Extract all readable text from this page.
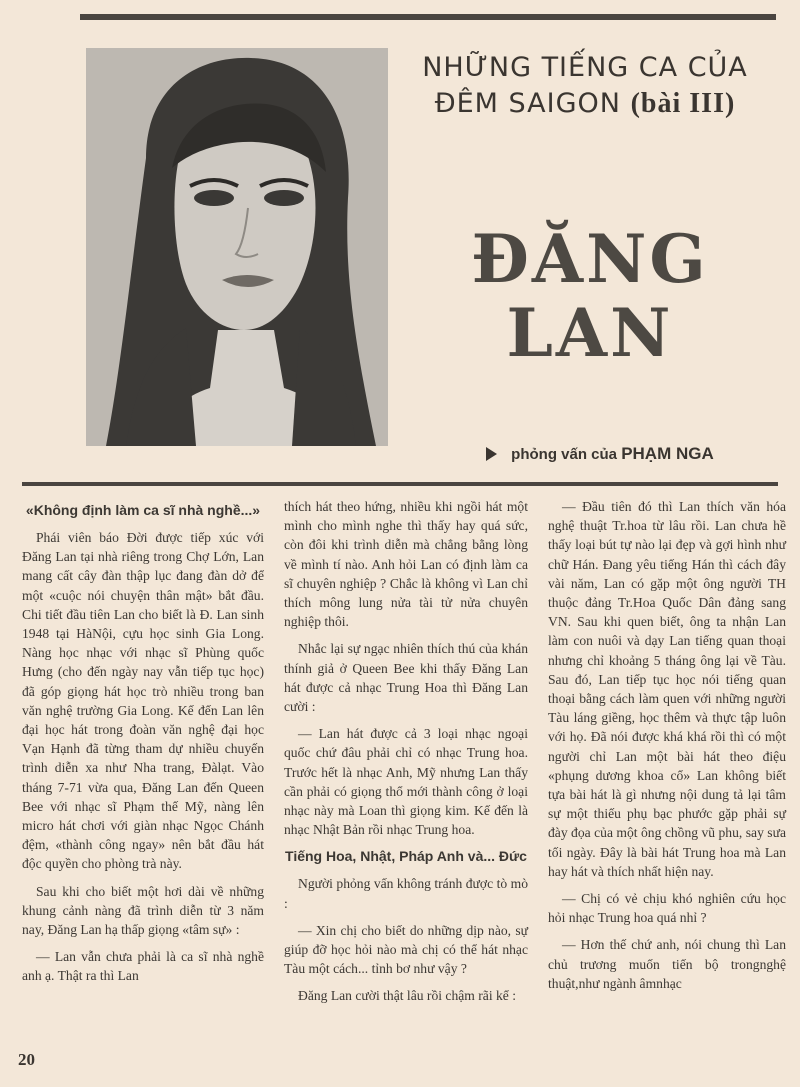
NHỮNG TIẾNG CA CỦA
ĐÊM SAIGON (bài III)
ĐĂNG
LAN
phỏng vấn của PHẠM NGA
«Không định làm ca sĩ nhà nghề...»

Phái viên báo Đời được tiếp xúc với Đăng Lan tại nhà riêng trong Chợ Lớn, Lan mang cất cây đàn thập lục đang đàn dở để một «cuộc nói chuyện thân mật» bắt đầu. Chi tiết đầu tiên Lan cho biết là Đ. Lan sinh 1948 tại HàNội, cựu học sinh Gia Long. Nàng học nhạc với nhạc sĩ Phùng quốc Hưng (cho đến ngày nay vẫn tiếp tục học) đã góp giọng hát học trò nhiều trong ban văn nghệ trường Gia Long. Kế đến Lan lên đại học hát trong đoàn văn nghệ đại học Vạn Hạnh đã từng tham dự nhiều chuyến trình diễn xa như Nha trang, Đàlạt. Vào tháng 7-71 vừa qua, Đăng Lan đến Queen Bee với nhạc sĩ Phạm thế Mỹ, nàng lên micro hát chơi với giàn nhạc Ngọc Chánh đệm, «thành công ngay» nên bắt đầu hát độc quyền cho phòng trà này.

Sau khi cho biết một hơi dài về những khung cảnh nàng đã trình diễn từ 3 năm nay, Đăng Lan hạ thấp giọng «tâm sự» :

— Lan vẫn chưa phải là ca sĩ nhà nghề anh ạ. Thật ra thì Lan

thích hát theo hứng, nhiều khi ngồi hát một mình cho mình nghe thì thấy hay quá sức, còn đôi khi trình diễn mà chẳng bằng lòng về mình tí nào. Anh hỏi Lan có định làm ca sĩ chuyên nghiệp ? Chắc là không vì Lan chỉ thích mông lung nửa tài tử nửa chuyên nghiệp thôi.

Nhắc lại sự ngạc nhiên thích thú của khán thính giả ở Queen Bee khi thấy Đăng Lan hát được cả nhạc Trung Hoa thì Đăng Lan cười :

— Lan hát được cả 3 loại nhạc ngoại quốc chứ đâu phải chỉ có nhạc Trung hoa. Trước hết là nhạc Anh, Mỹ nhưng Lan thấy cần phải có giọng thổ mới thành công ở loại nhạc này mà Loan thì giọng kim. Kế đến là nhạc Nhật Bản rồi nhạc Trung hoa.

Tiếng Hoa, Nhật, Pháp Anh và... Đức

Người phỏng vấn không tránh được tò mò :

— Xin chị cho biết do những dịp nào, sự giúp đỡ học hỏi nào mà chị có thể hát nhạc Tàu một cách... tỉnh bơ như vậy ?

Đăng Lan cười thật lâu rồi chậm rãi kể :

— Đầu tiên đó thì Lan thích văn hóa nghệ thuật Tr.hoa từ lâu rồi. Lan chưa hề thấy loại bút tự nào lại đẹp và gợi hình như chữ Hán. Đang yêu tiếng Hán thì cách đây vài năm, Lan có gặp một ông người TH thuộc đảng Tr.Hoa Quốc Dân đảng sang VN. Sau khi quen biết, ông ta nhận Lan làm con nuôi và dạy Lan tiếng quan thoại nhưng chỉ khoảng 5 tháng ông lại về Tàu. Sau đó, Lan tiếp tục học nói tiếng quan thoại bằng cách làm quen với những người Tàu láng giềng, học thêm và thực tập luôn với họ. Đã nói được khá khá rồi thì có một người chỉ Lan một bài hát theo điệu «phụng dương khoa cổ» Lan không biết tựa bài hát là gì nhưng nội dung tả lại tâm sự một thiếu phụ bạc phước gặp phải sự đày đọa của một ông chồng vũ phu, say sưa tối ngày. Đây là bài hát Trung hoa mà Lan hay hát và thích nhất hiện nay.

— Chị có vẻ chịu khó nghiên cứu học hỏi nhạc Trung hoa quá nhỉ ?

— Hơn thế chứ anh, nói chung thì Lan chủ trương muốn tiến bộ trongnghệ thuật,như ngành âmnhạc

20
